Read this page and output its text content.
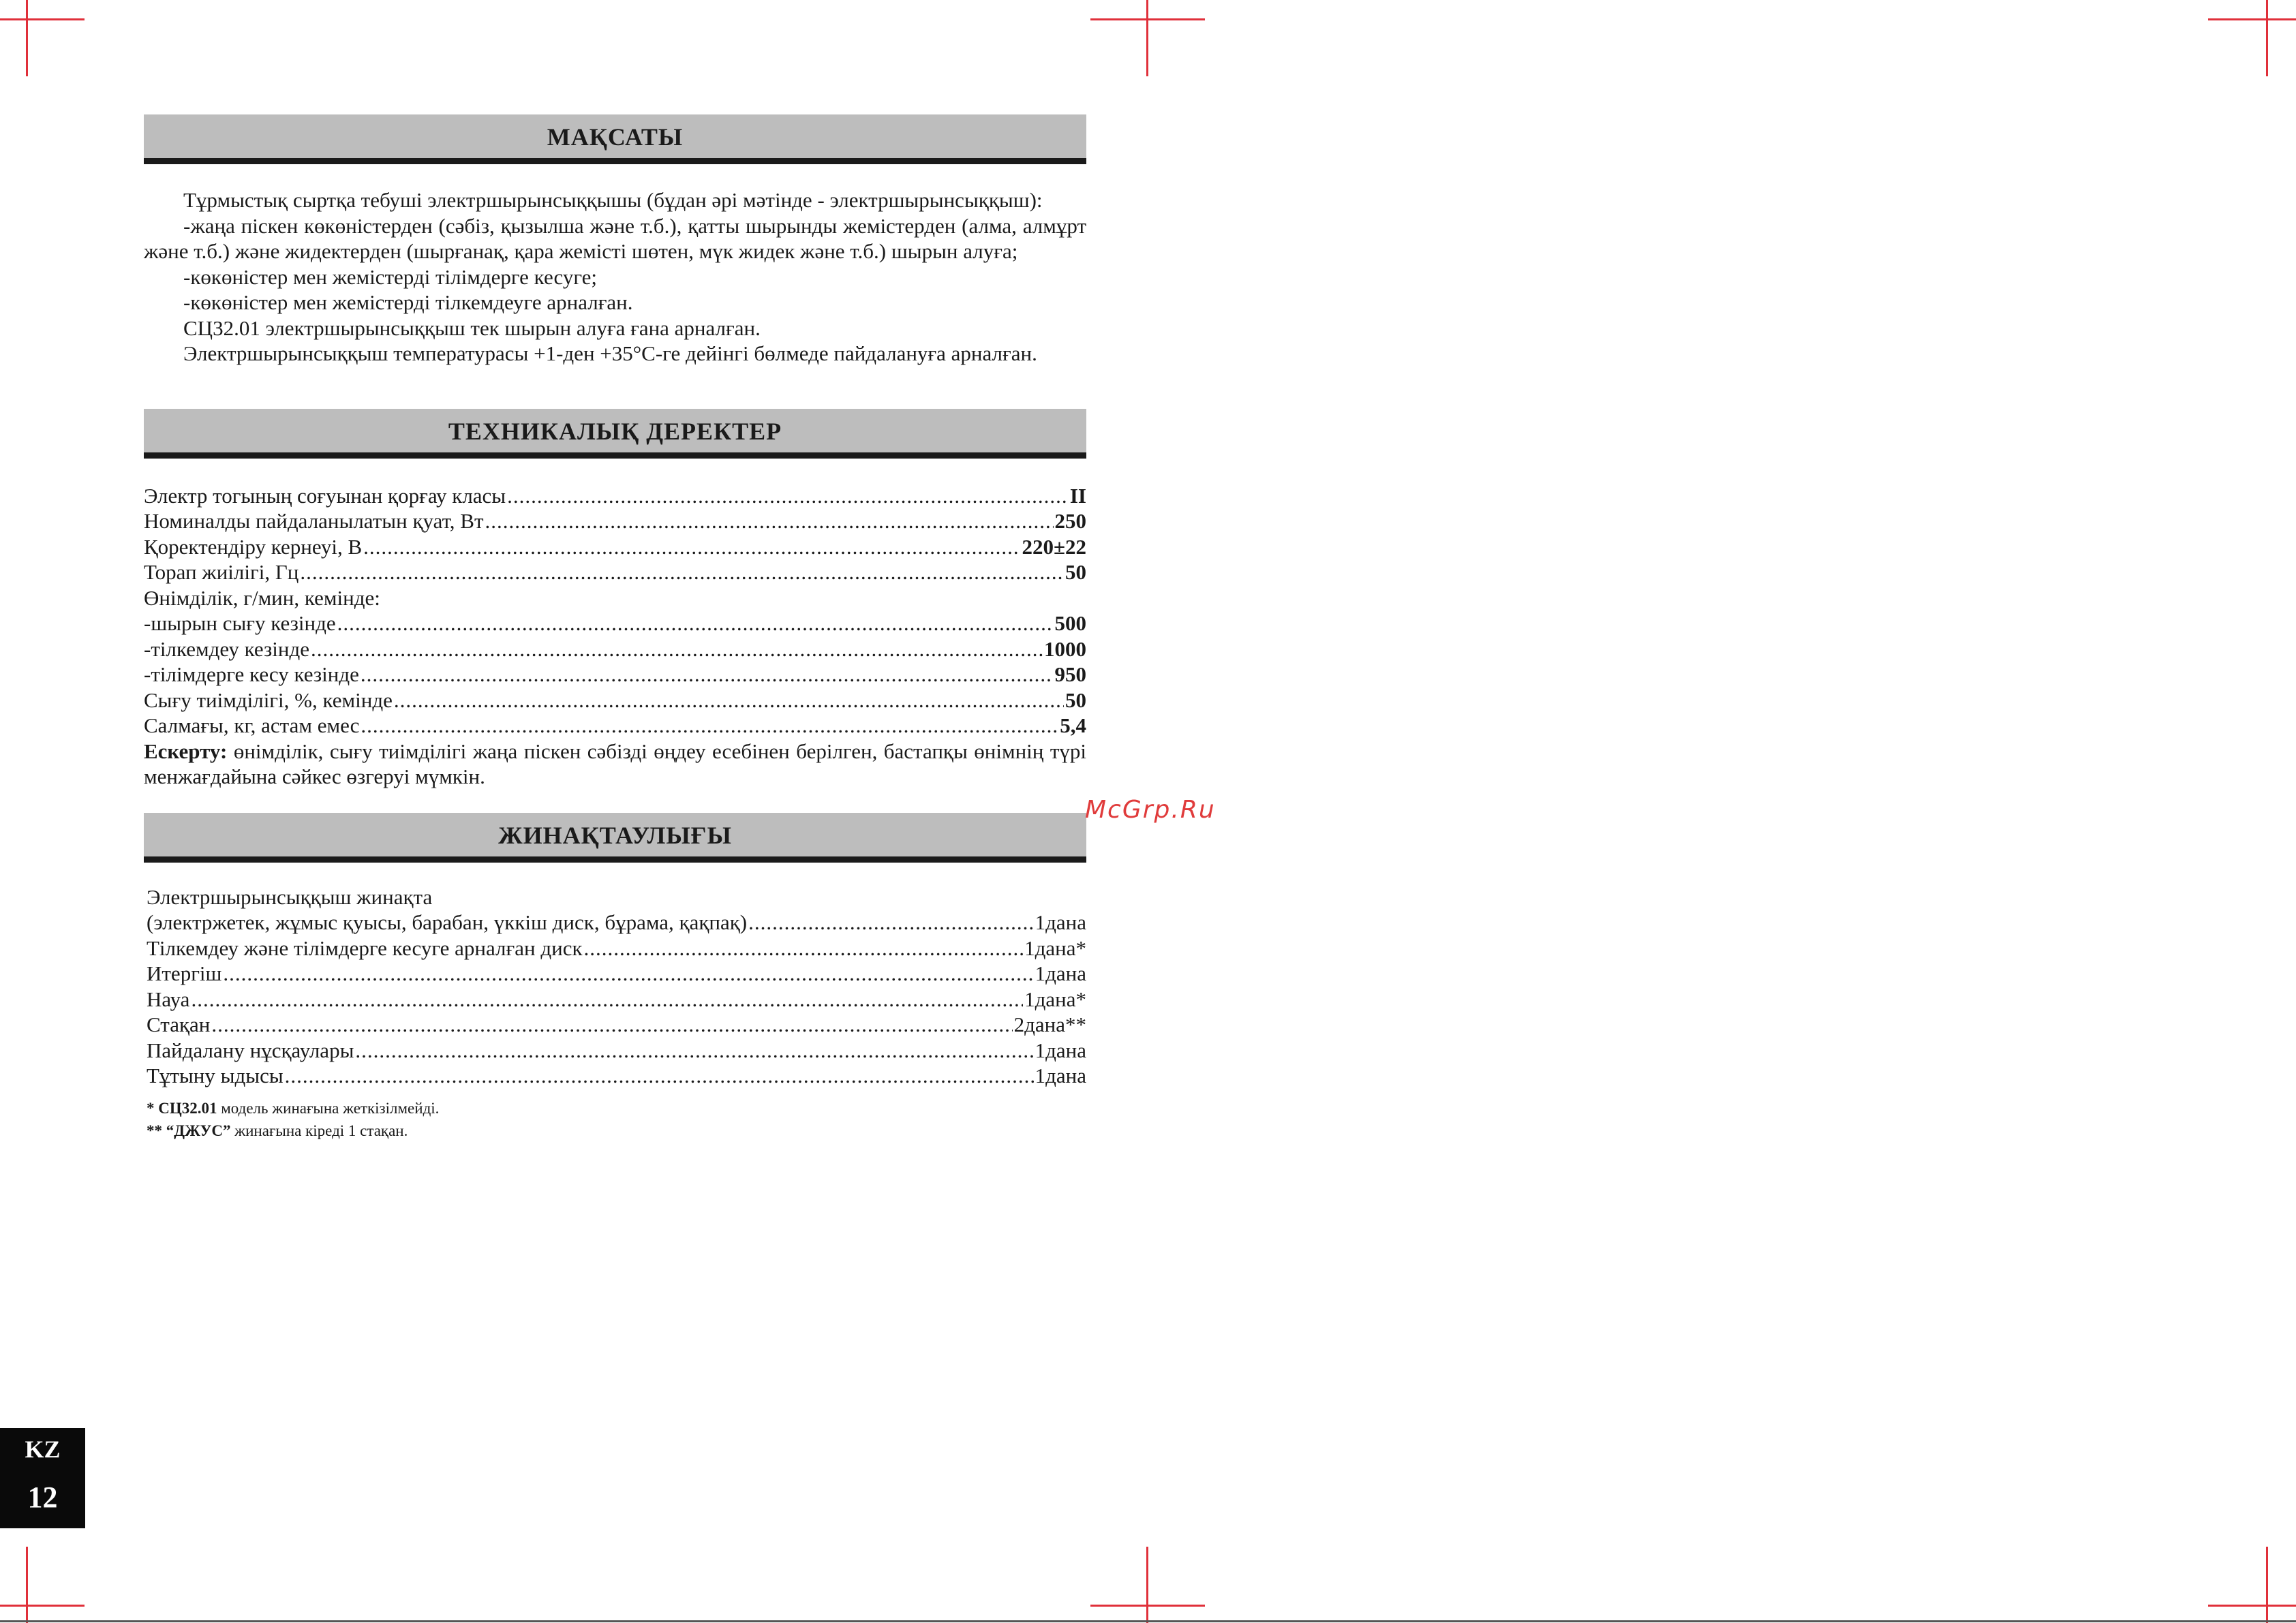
МАҚСАТЫ

Тұрмыстық сыртқа тебуші электршырынсыққышы (бұдан әрі мәтінде - электршырынсыққыш):

-жаңа піскен көкөністерден (сәбіз, қызылша және т.б.), қатты шырынды жемістерден (алма, алмұрт және т.б.) және жидектерден (шырғанақ, қара жемісті шөтен, мүк жидек және т.б.) шырын алуға;

-көкөністер мен жемістерді тілімдерге кесуге;

-көкөністер мен жемістерді тілкемдеуге арналған.

СЦ32.01 электршырынсыққыш тек шырын алуға ғана арналған.

Электршырынсыққыш температурасы +1-ден +35°С-ге дейінгі бөлмеде пайдалануға арналған.

ТЕХНИКАЛЫҚ ДЕРЕКТЕР
Электр тогының соғуынан қорғау класы .....	II
Номиналды пайдаланылатын қуат, Вт .....	250
Қоректендіру кернеуі, В .....	220±22
Торап жиілігі, Гц .....	50
Өнімділік, г/мин, кемінде:
-шырын сығу кезінде .....	500
-тілкемдеу кезінде .....	1000
-тілімдерге кесу кезінде .....	950
Сығу тиімділігі, %, кемінде .....	50
Салмағы, кг, астам емес .....	5,4

Ескерту: өнімділік, сығу тиімділігі жаңа піскен сәбізді өңдеу есебінен берілген, бастапқы өнімнің түрі менжағдайына сәйкес өзгеруі мүмкін.

ЖИНАҚТАУЛЫҒЫ
Электршырынсыққыш жинақта
(электржетек, жұмыс қуысы, барабан, үккіш диск, бұрама, қақпақ) .....	1дана
Тілкемдеу және тілімдерге кесуге арналған диск .....	1дана*
Итергіш .....	1дана
Науа .....	1дана*
Стақан .....	2дана**
Пайдалану нұсқаулары .....	1дана
Тұтыну ыдысы .....	1дана
* СЦ32.01 модель жинағына жеткізілмейді.
** “ДЖУС” жинағына кіреді 1 стақан.
McGrp.Ru
KZ
12
